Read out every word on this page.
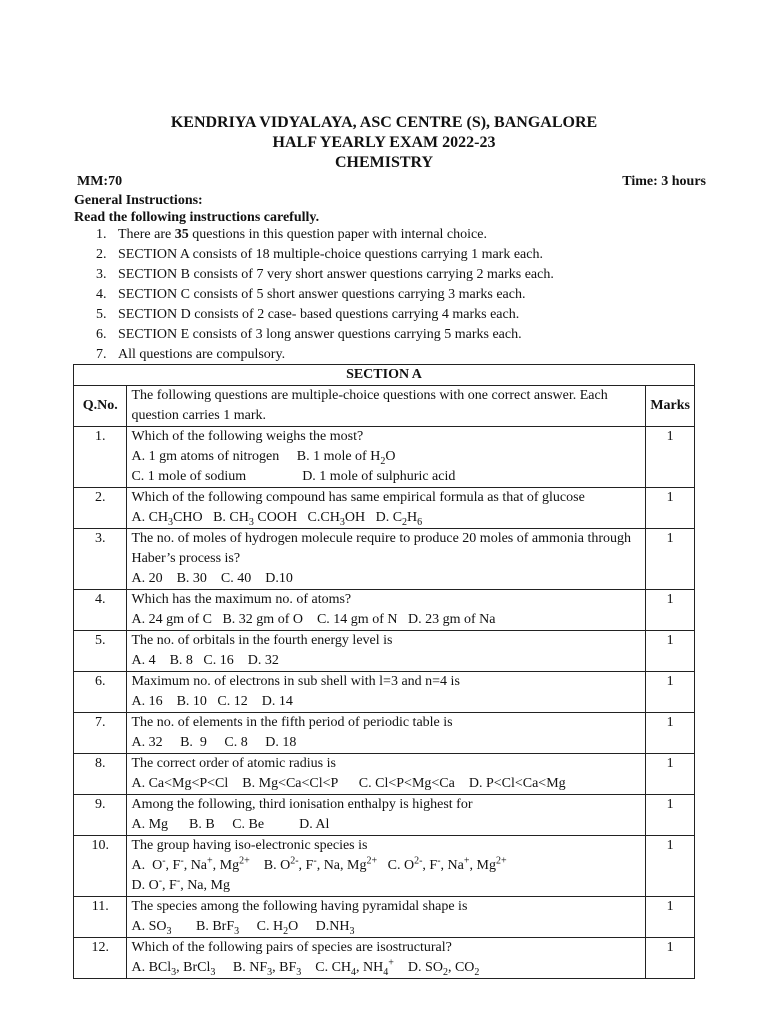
KENDRIYA VIDYALAYA, ASC CENTRE (S), BANGALORE
HALF YEARLY EXAM 2022-23
CHEMISTRY
MM:70	Time: 3 hours
General Instructions:
Read the following instructions carefully.
1. There are 35 questions in this question paper with internal choice.
2. SECTION A consists of 18 multiple-choice questions carrying 1 mark each.
3. SECTION B consists of 7 very short answer questions carrying 2 marks each.
4. SECTION C consists of 5 short answer questions carrying 3 marks each.
5. SECTION D consists of 2 case- based questions carrying 4 marks each.
6. SECTION E consists of 3 long answer questions carrying 5 marks each.
7. All questions are compulsory.
SECTION A		
Q.No.	The following questions are multiple-choice questions with one correct answer. Each question carries 1 mark.	Marks
1.	Which of the following weighs the most?
A. 1 gm atoms of nitrogen     B. 1 mole of $H_2O$
C. 1 mole of sodium                D. 1 mole of sulphuric acid	1
2.	Which of the following compound has same empirical formula as that of glucose
A. $CH_3CHO$   B. $CH_3$ COOH   $C.CH_3OH$   D. $C_2H_6$	1
3.	The no. of moles of hydrogen molecule require to produce 20 moles of ammonia through Haber’s process is?
A. 20    B. 30    C. 40    D.10	1
4.	Which has the maximum no. of atoms?
A. 24 gm of C   B. 32 gm of O    C. 14 gm of N   D. 23 gm of Na	1
5.	The no. of orbitals in the fourth energy level is
A. 4    B. 8   C. 16    D. 32	1
6.	Maximum no. of electrons in sub shell with l=3 and n=4 is
A. 16    B. 10   C. 12    D. 14	1
7.	The no. of elements in the fifth period of periodic table is
A. 32     B.  9     C. 8     D. 18	1
8.	The correct order of atomic radius is
A. Ca<Mg<P<Cl    B. Mg<Ca<Cl<P      C. Cl<P<Mg<Ca    D. P<Cl<Ca<Mg	1
9.	Among the following, third ionisation enthalpy is highest for
A. Mg      B. B     C. Be          D. Al	1
10.	The group having iso-electronic species is
A.  O-, F-, Na+, $Mg^{2+}$    B. $O^{2-}$, F-, Na, $Mg^{2+}$   C. $O^{2-}$, F-, Na+, $Mg^{2+}$
D. O-, F-, Na, Mg	1
11.	The species among the following having pyramidal shape is
A. $SO_3$       B. BrF$_3$     C. $H_2O$     $D.NH_3$	1
12.	Which of the following pairs of species are isostructural?
A. BCl$_3$, BrCl$_3$     B. $NF_3$, $BF_3$    C. $CH_4$, $NH_4^+$    D. $SO_2$, $CO_2$	1
